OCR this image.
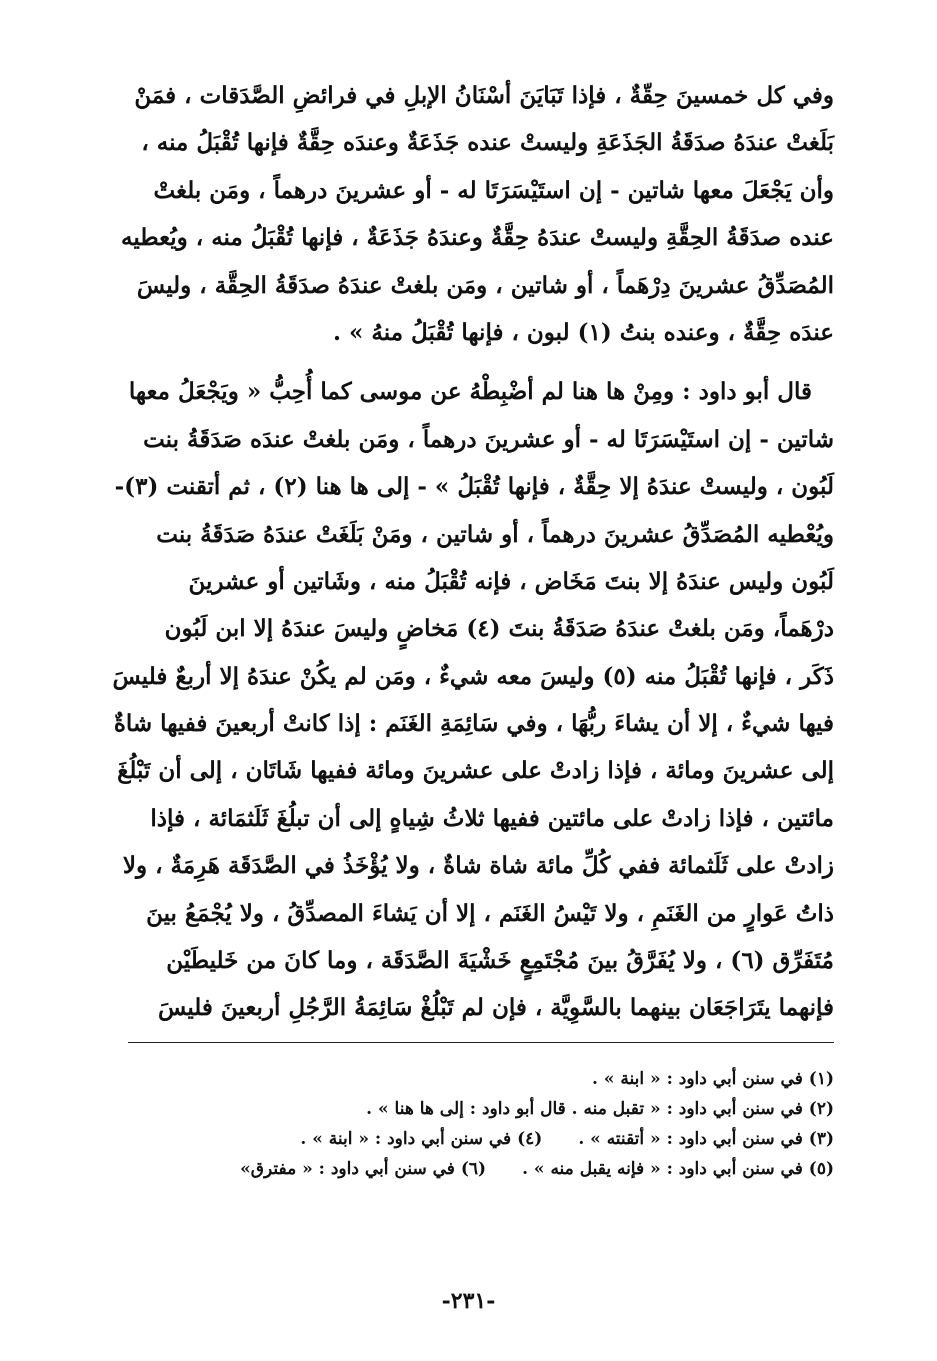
وفي كل خمسينَ حِقّةٌ ، فإذا تَبَايَنَ أسْنَانُ الإبلِ في فرائضِ الصَّدَقات ، فمَنْ
بَلَغتْ عندَهُ صدَقَةُ الجَذَعَةِ وليستْ عنده جَذَعَةٌ وعندَه حِقَّةٌ فإنها تُقْبَلُ منه ،
وأن يَجْعَلَ معها شاتين - إن استَيْسَرَتَا له - أو عشرينَ درهماً ، ومَن بلغتْ
عنده صدَقَةُ الحِقَّةِ وليستْ عندَهُ حِقَّةٌ وعندَهُ جَذَعَةٌ ، فإنها تُقْبَلُ منه ، ويُعطيه
المُصَدِّقُ عشرينَ دِرْهَماً ، أو شاتين ، ومَن بلغتْ عندَهُ صدَقَةُ الحِقَّة ، وليسَ
عندَه حِقَّةٌ ، وعنده بنتُ (١) لبون ، فإنها تُقْبَلُ منهُ » .

قال أبو داود : ومِنْ ها هنا لم أضْبِطْهُ عن موسى كما أُحِبُّ « ويَجْعَلُ معها
شاتين - إن استَيْسَرَتَا له - أو عشرينَ درهماً ، ومَن بلغتْ عندَه صَدَقَةُ بنت
لَبُون ، وليستْ عندَهُ إلا حِقَّةٌ ، فإنها تُقْبَلُ » - إلى ها هنا (٢) ، ثم أتقنت (٣)-
ويُعْطيه المُصَدِّقُ عشرينَ درهماً ، أو شاتين ، ومَنْ بَلَغَتْ عندَهُ صَدَقَةُ بنت
لَبُون وليس عندَهُ إلا بنتَ مَخَاض ، فإنه تُقْبَلُ منه ، وشَاتين أو عشرينَ
درْهَماً، ومَن بلغتْ عندَهُ صَدَقَةُ بنتَ (٤) مَخاضٍ وليسَ عندَهُ إلا ابن لَبُون
ذَكَر ، فإنها تُقْبَلُ منه (٥) وليسَ معه شيءٌ ، ومَن لم يكُنْ عندَهُ إلا أربعٌ فليسَ
فيها شيءٌ ، إلا أن يشاءَ ربُّهَا ، وفي سَائِمَةِ الغَنَم : إذا كانتْ أربعينَ ففيها شاةٌ
إلى عشرينَ ومائة ، فإذا زادتْ على عشرينَ ومائة ففيها شَاتَان ، إلى أن تَبْلُغَ
مائتين ، فإذا زادتْ على مائتين ففيها ثلاثُ شِياهٍ إلى أن تبلُغَ ثَلَثمَائة ، فإذا
زادتْ على ثَلَثمائة ففي كُلِّ مائة شاة شاةٌ ، ولا يُؤْخَذُ في الصَّدَقَة هَرِمَةٌ ، ولا
ذاتُ عَوارٍ من الغَنَمِ ، ولا تَيْسُ الغَنَم ، إلا أن يَشاءَ المصدِّقُ ، ولا يُجْمَعُ بينَ
مُتَفَرِّق (٦) ، ولا يُفَرَّقُ بينَ مُجْتَمِعٍ خَشْيَةَ الصَّدَقَة ، وما كانَ من خَليطَيْن
فإنهما يتَرَاجَعَان بينهما بالسَّوِيَّة ، فإن لم تَبْلُغْ سَائِمَةُ الرَّجُلِ أربعينَ فليسَ

(١) في سنن أبي داود : « ابنة » .
(٢) في سنن أبي داود : « تقبل منه . قال أبو داود : إلى ها هنا » .
(٣) في سنن أبي داود : « أتقنته » .
(٤) في سنن أبي داود : « ابنة » .
(٥) في سنن أبي داود : « فإنه يقبل منه » .
(٦) في سنن أبي داود : « مفترق»
-٢٣١-
